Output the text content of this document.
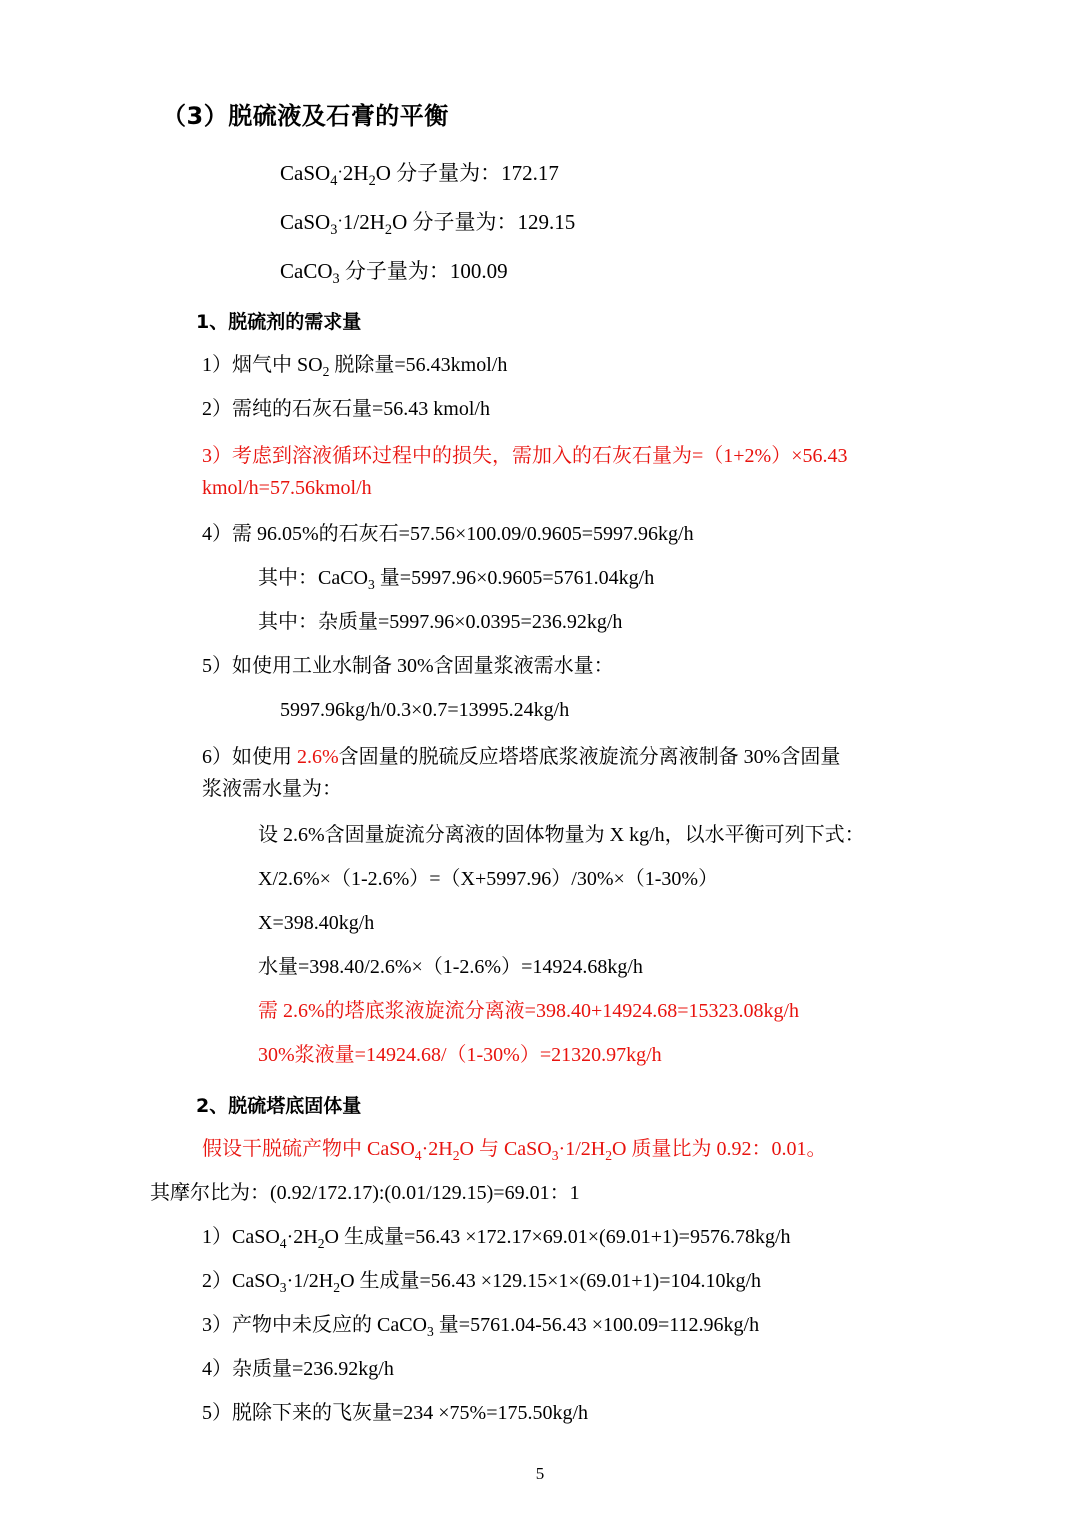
（3）脱硫液及石膏的平衡
$CaSO_4\cdot 2H_2O$ 分子量为：172.17
$CaSO_3\cdot 1/2H_2O$ 分子量为：129.15
CaCO$_3$ 分子量为：100.09
1、脱硫剂的需求量
1）烟气中 $SO_2$ 脱除量=56.43kmol/h
2）需纯的石灰石量=56.43 kmol/h
3）考虑到溶液循环过程中的损失，需加入的石灰石量为=（1+2%）×56.43
kmol/h=57.56kmol/h
4）需 96.05%的石灰石=57.56×100.09/0.9605=5997.96kg/h
其中：CaCO$_3$ 量=5997.96×0.9605=5761.04kg/h
其中：杂质量=5997.96×0.0395=236.92kg/h
5）如使用工业水制备 30%含固量浆液需水量：
5997.96kg/h/0.3×0.7=13995.24kg/h
6）如使用 2.6%含固量的脱硫反应塔塔底浆液旋流分离液制备 30%含固量
浆液需水量为：
设 2.6%含固量旋流分离液的固体物量为 X kg/h，以水平衡可列下式：
X/2.6%×（1-2.6%）=（X+5997.96）/30%×（1-30%）
X=398.40kg/h
水量=398.40/2.6%×（1-2.6%）=14924.68kg/h
需 2.6%的塔底浆液旋流分离液=398.40+14924.68=15323.08kg/h
30%浆液量=14924.68/（1-30%）=21320.97kg/h
2、脱硫塔底固体量
假设干脱硫产物中 $CaSO_4\cdot 2H_2O$ 与 $CaSO_3\cdot 1/2H_2O$ 质量比为 0.92：0.01。
其摩尔比为：(0.92/172.17):(0.01/129.15)=69.01：1
$1)CaSO_4\cdot 2H_2O$ 生成量=56.43 ×172.17×69.01×(69.01+1)=9576.78kg/h
$2)CaSO_3\cdot 1/2H_2O$ 生成量=56.43 ×129.15×1×(69.01+1)=104.10kg/h
3）产物中未反应的 CaCO$_3$ 量=5761.04-56.43 ×100.09=112.96kg/h
4）杂质量=236.92kg/h
5）脱除下来的飞灰量=234 ×75%=175.50kg/h
5
